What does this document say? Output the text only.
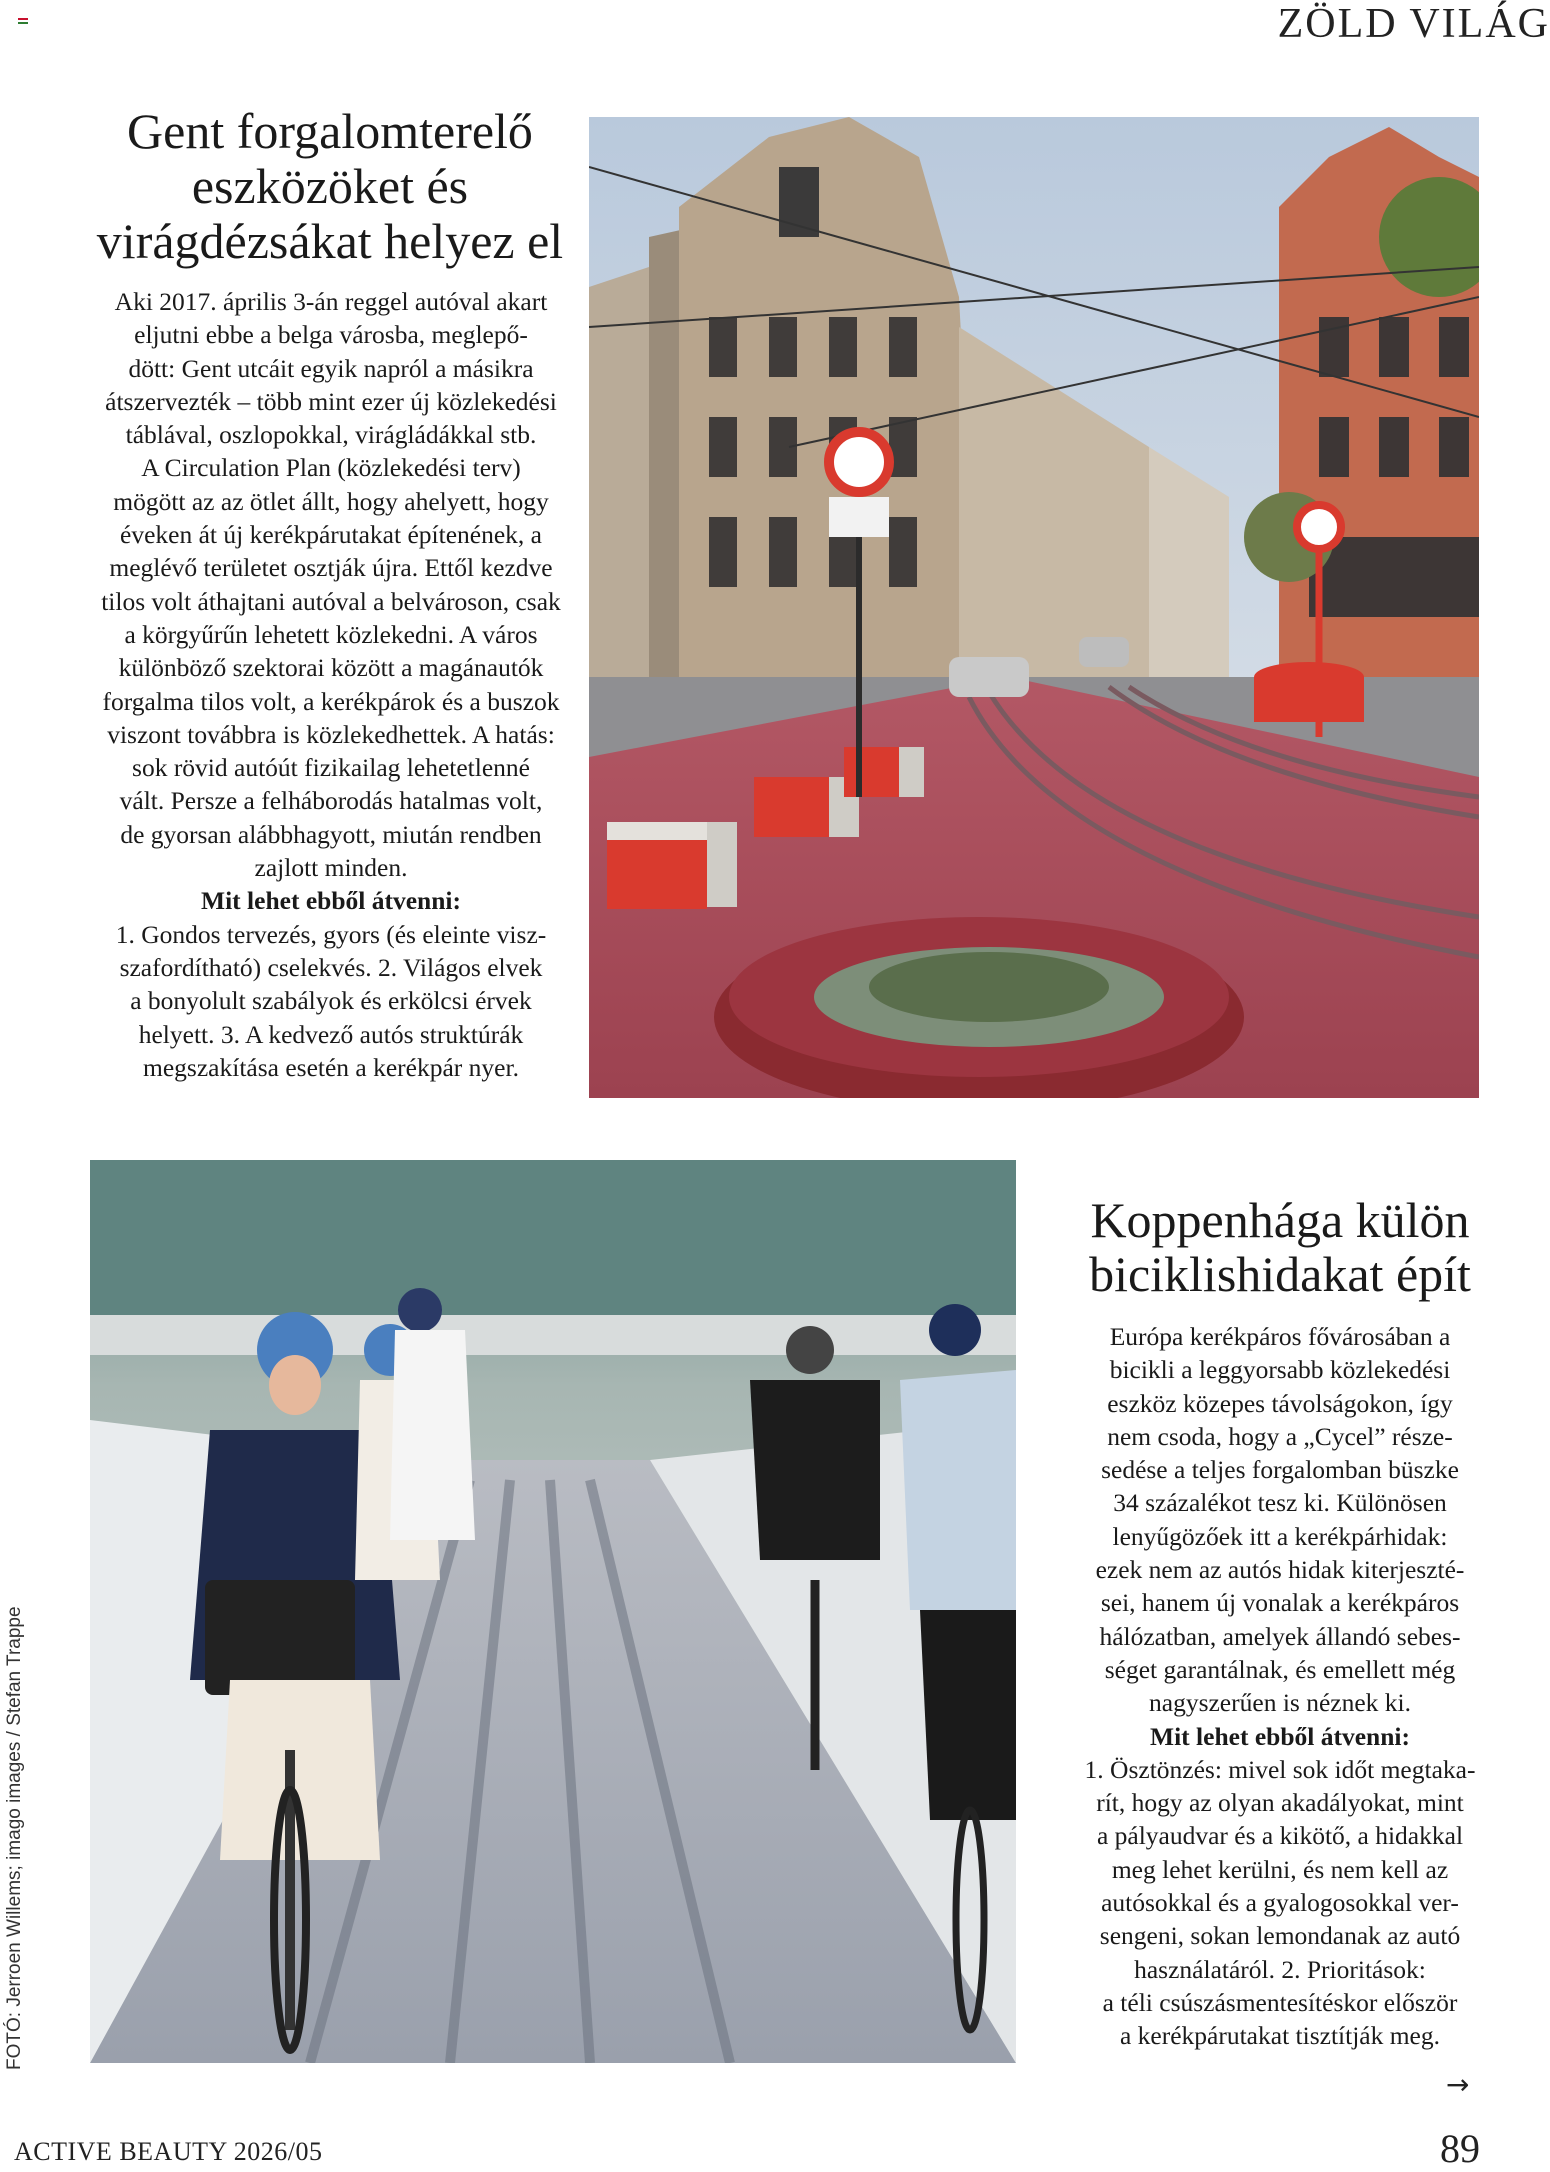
ZÖLD VILÁG
Gent forgalomterelő
eszközöket és
virágdézsákat helyez el

Aki 2017. április 3-án reggel autóval akart

eljutni ebbe a belga városba, meglepő-

dött: Gent utcáit egyik napról a másikra

átszervezték – több mint ezer új közlekedési

táblával, oszlopokkal, virágládákkal stb.

A Circulation Plan (közlekedési terv)

mögött az az ötlet állt, hogy ahelyett, hogy

éveken át új kerékpárutakat építenének, a

meglévő területet osztják újra. Ettől kezdve

tilos volt áthajtani autóval a belvároson, csak

a körgyűrűn lehetett közlekedni. A város

különböző szektorai között a magánautók

forgalma tilos volt, a kerékpárok és a buszok

viszont továbbra is közlekedhettek. A hatás:

sok rövid autóút fizikailag lehetetlenné

vált. Persze a felháborodás hatalmas volt,

de gyorsan alábbhagyott, miután rendben

zajlott minden.

Mit lehet ebből átvenni:

1. Gondos tervezés, gyors (és eleinte visz-

szafordítható) cselekvés. 2. Világos elvek

a bonyolult szabályok és erkölcsi érvek

helyett. 3. A kedvező autós struktúrák

megszakítása esetén a kerékpár nyer.

Koppenhága külön
biciklishidakat épít

Európa kerékpáros fővárosában a

bicikli a leggyorsabb közlekedési

eszköz közepes távolságokon, így

nem csoda, hogy a „Cycel” része-

sedése a teljes forgalomban büszke

34 százalékot tesz ki. Különösen

lenyűgözőek itt a kerékpárhidak:

ezek nem az autós hidak kiterjeszté-

sei, hanem új vonalak a kerékpáros

hálózatban, amelyek állandó sebes-

séget garantálnak, és emellett még

nagyszerűen is néznek ki.

Mit lehet ebből átvenni:

1. Ösztönzés: mivel sok időt megtaka-

rít, hogy az olyan akadályokat, mint

a pályaudvar és a kikötő, a hidakkal

meg lehet kerülni, és nem kell az

autósokkal és a gyalogosokkal ver-

sengeni, sokan lemondanak az autó

használatáról. 2. Prioritások:

a téli csúszásmentesítéskor először

a kerékpárutakat tisztítják meg.

→
FOTÓ: Jerroen Willems; imago images / Stefan Trappe
ACTIVE BEAUTY 2026/05	89
